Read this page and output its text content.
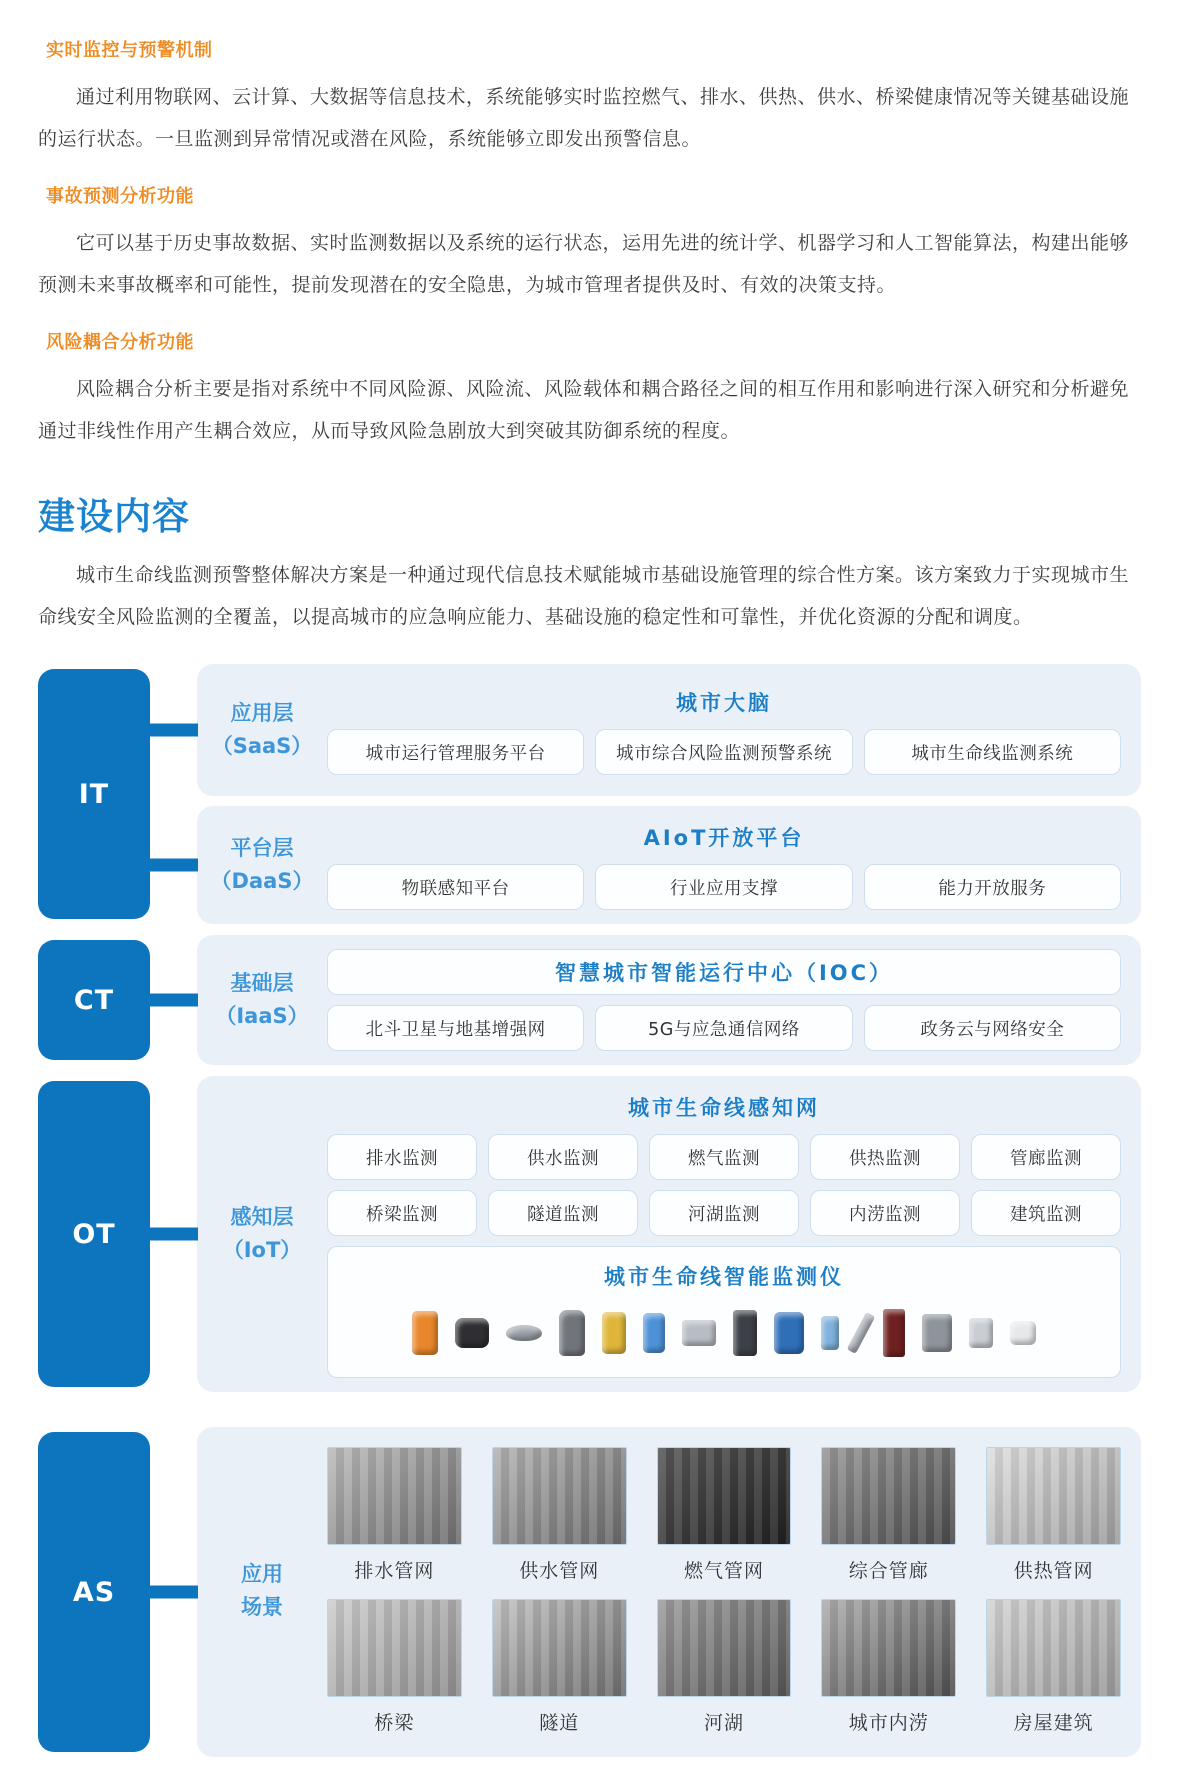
实时监控与预警机制

通过利用物联网、云计算、大数据等信息技术，系统能够实时监控燃气、排水、供热、供水、桥梁健康情况等关键基础设施的运行状态。一旦监测到异常情况或潜在风险，系统能够立即发出预警信息。

事故预测分析功能

它可以基于历史事故数据、实时监测数据以及系统的运行状态，运用先进的统计学、机器学习和人工智能算法，构建出能够预测未来事故概率和可能性，提前发现潜在的安全隐患，为城市管理者提供及时、有效的决策支持。

风险耦合分析功能

风险耦合分析主要是指对系统中不同风险源、风险流、风险载体和耦合路径之间的相互作用和影响进行深入研究和分析避免通过非线性作用产生耦合效应，从而导致风险急剧放大到突破其防御系统的程度。

建设内容

城市生命线监测预警整体解决方案是一种通过现代信息技术赋能城市基础设施管理的综合性方案。该方案致力于实现城市生命线安全风险监测的全覆盖，以提高城市的应急响应能力、基础设施的稳定性和可靠性，并优化资源的分配和调度。

IT
应用层
（SaaS）
城市大脑
城市运行管理服务平台	城市综合风险监测预警系统	城市生命线监测系统
平台层
（DaaS）
AIoT开放平台
物联感知平台	行业应用支撑	能力开放服务
CT
基础层
（IaaS）
智慧城市智能运行中心（IOC）
北斗卫星与地基增强网	5G与应急通信网络	政务云与网络安全
OT
感知层
（IoT）
城市生命线感知网
排水监测	供水监测	燃气监测	供热监测	管廊监测
桥梁监测	隧道监测	河湖监测	内涝监测	建筑监测
城市生命线智能监测仪
AS
应用
场景
排水管网	供水管网	燃气管网	综合管廊	供热管网
桥梁	隧道	河湖	城市内涝	房屋建筑
